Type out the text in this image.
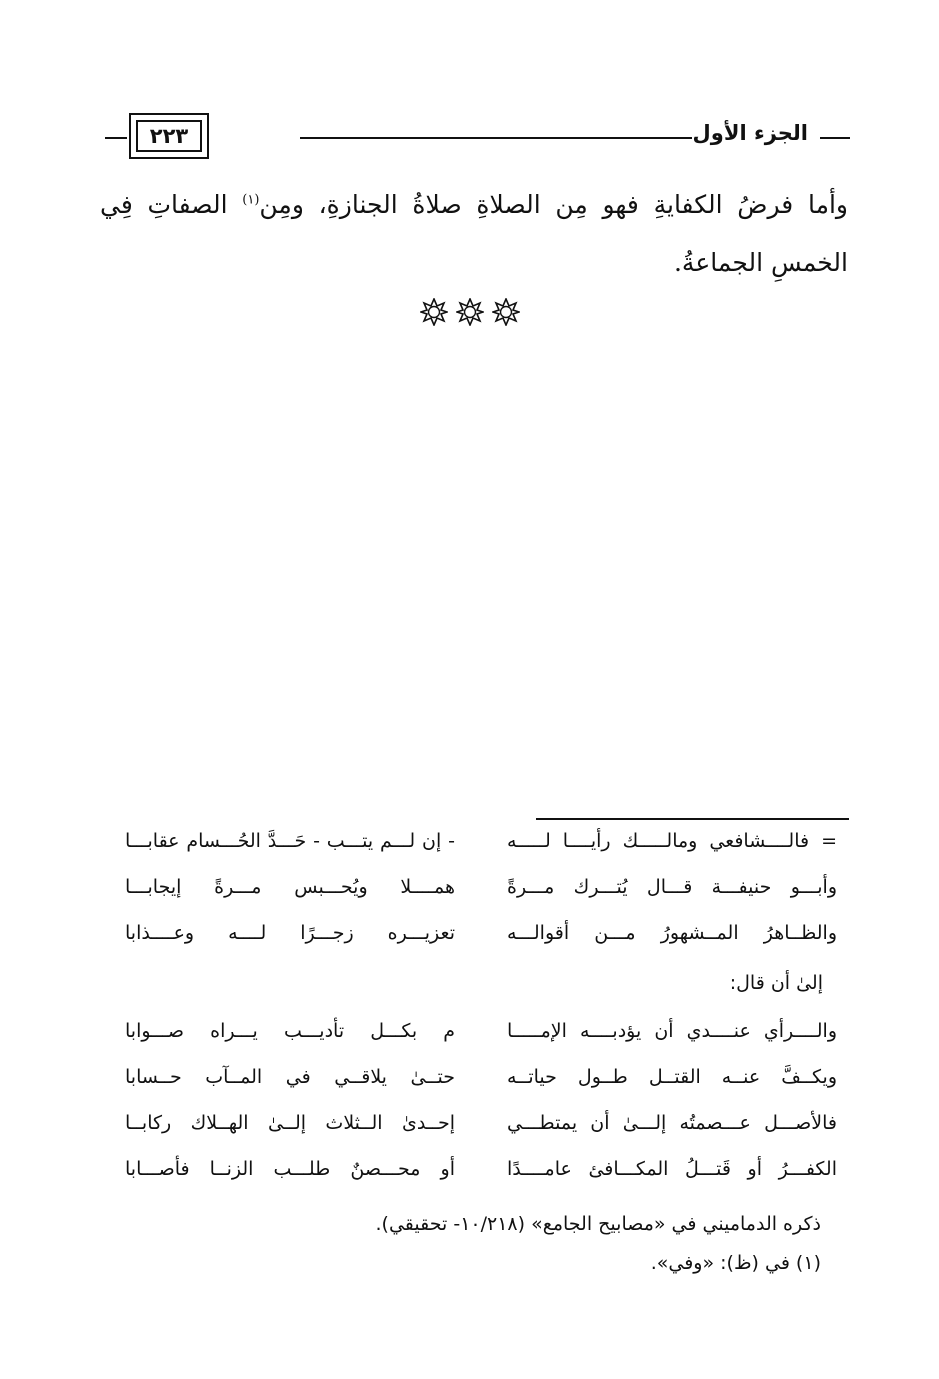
الجزء الأول
٢٢٣
وأما فرضُ الكفايةِ فهو مِن الصلاةِ صلاةُ الجنازةِ، ومِن$^{(١)}$ الصفاتِ فِي الخمسِ الجماعةُ.
= فالــــشافعي ومالـــــك رأيــــا لـــــه
- إن لـــم يتـــب - حَـــدَّ الحُـــسام عقابـــا
وأبـــو حنيفـــة قـــال يُتـــرك مـــرةً
همــــلا ويُحـــبس مـــرةً إيجابـــا
والظــاهرُ المــشهورُ مـــن أقوالـــه
تعزيـــره زجـــرًا لــــه وعــــذابا
إلىٰ أن قال:
والــــرأي عنــــدي أن يؤدبــــه الإمـــــا
م بكـــل تأديـــب يـــراه صـــوابا
ويكــفَّ عنــه القتــل طــول حياتــه
حتــىٰ يلاقــي في المــآب حــسابا
فالأصـــل عـــصمتُه إلـــىٰ أن يمتطـــي
إحــدىٰ الــثلاث إلــىٰ الهــلاك ركابــا
الكفـــرُ أو قَتـــلُ المكـــافئ عامــــدًا
أو محـــصنٌ طلـــب الزنــا فأصـــابا
ذكره الدماميني في «مصابيح الجامع» (١٠/٢١٨- تحقيقي).
(١) في (ظ): «وفي».
